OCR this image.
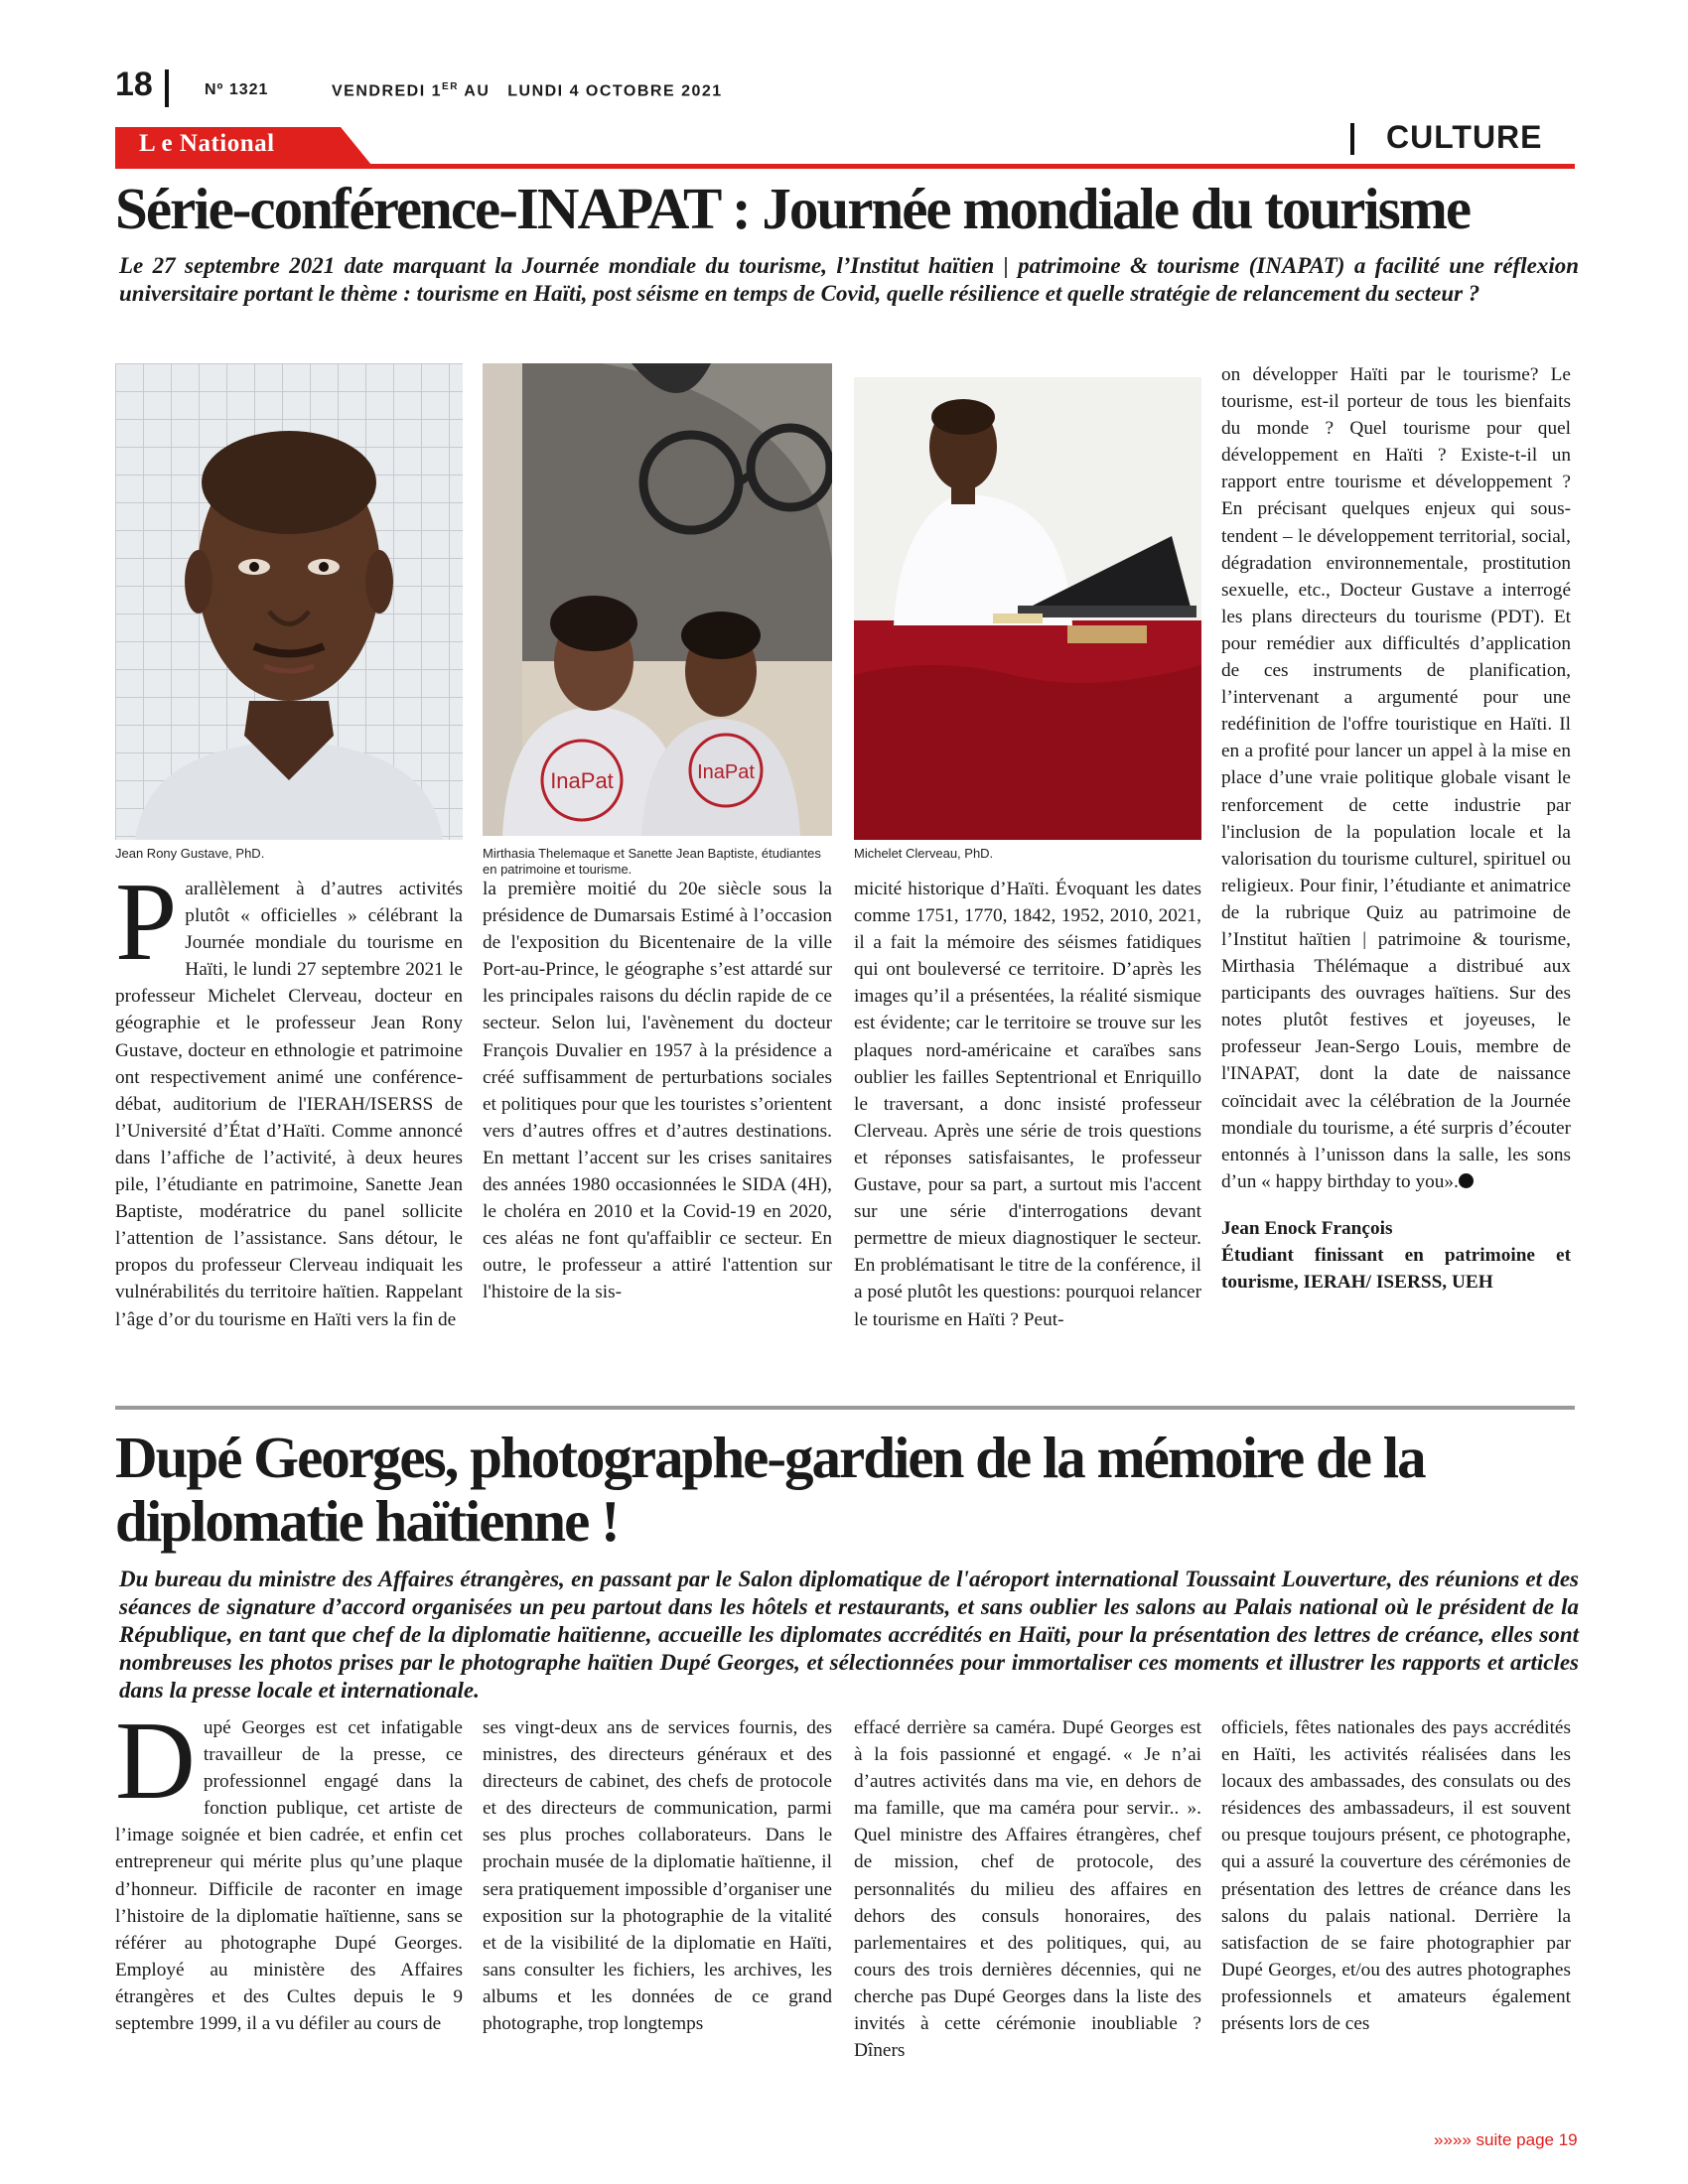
18	Nº 1321	VENDREDI 1ER AU   LUNDI 4 OCTOBRE 2021
L e National	CULTURE
Série-conférence-INAPAT : Journée mondiale du tourisme
Le 27 septembre 2021 date marquant la Journée mondiale du tourisme, l’Institut haïtien | patrimoine & tourisme (INAPAT) a facilité une réflexion universitaire portant le thème : tourisme en Haïti, post séisme en temps de Covid, quelle résilience et quelle stratégie de relancement du secteur ?
Jean Rony Gustave, PhD.
InaPat	InaPat
Mirthasia Thelemaque et Sanette Jean Baptiste, étudiantes en patrimoine et tourisme.
Michelet Clerveau, PhD.

Parallèlement à d’autres activités plutôt « officielles » célébrant la Journée mondiale du tourisme en Haïti, le lundi 27 septembre 2021 le professeur Michelet Clerveau, docteur en géographie et le professeur Jean Rony Gustave, docteur en ethnologie et patrimoine ont respectivement animé une conférence-débat, auditorium de l'IERAH/ISERSS de l’Université d’État d’Haïti. Comme annoncé dans l’affiche de l’activité, à deux heures pile, l’étudiante en patrimoine, Sanette Jean Baptiste, modératrice du panel sollicite l’attention de l’assistance. Sans détour, le propos du professeur Clerveau indiquait les vulnérabilités du territoire haïtien. Rappelant l’âge d’or du tourisme en Haïti vers la fin de

la première moitié du 20e siècle sous la présidence de Dumarsais Estimé à l’occasion de l'exposition du Bicentenaire de la ville Port-au-Prince, le géographe s’est attardé sur les principales raisons du déclin rapide de ce secteur. Selon lui, l'avènement du docteur François Duvalier en 1957 à la présidence a créé suffisamment de perturbations sociales et politiques pour que les touristes s’orientent vers d’autres offres et d’autres destinations. En mettant l’accent sur les crises sanitaires des années 1980 occasionnées le SIDA (4H), le choléra en 2010 et la Covid-19 en 2020, ces aléas ne font qu'affaiblir ce secteur. En outre, le professeur a attiré l'attention sur l'histoire de la sis-

micité historique d’Haïti. Évoquant les dates comme 1751, 1770, 1842, 1952, 2010, 2021, il a fait la mémoire des séismes fatidiques qui ont bouleversé ce territoire. D’après les images qu’il a présentées, la réalité sismique est évidente; car le territoire se trouve sur les plaques nord-américaine et caraïbes sans oublier les failles Septentrional et Enriquillo le traversant, a donc insisté professeur Clerveau. Après une série de trois questions et réponses satisfaisantes, le professeur Gustave, pour sa part, a surtout mis l'accent sur une série d'interrogations devant permettre de mieux diagnostiquer le secteur. En problématisant le titre de la conférence, il a posé plutôt les questions: pourquoi relancer le tourisme en Haïti ? Peut-

on développer Haïti par le tourisme? Le tourisme, est-il porteur de tous les bienfaits du monde ? Quel tourisme pour quel développement en Haïti ? Existe-t-il un rapport entre tourisme et développement ? En précisant quelques enjeux qui sous-tendent – le développement territorial, social, dégradation environnementale, prostitution sexuelle, etc., Docteur Gustave a interrogé les plans directeurs du tourisme (PDT). Et pour remédier aux difficultés d’application de ces instruments de planification, l’intervenant a argumenté pour une redéfinition de l'offre touristique en Haïti. Il en a profité pour lancer un appel à la mise en place d’une vraie politique globale visant le renforcement de cette industrie par l'inclusion de la population locale et la valorisation du tourisme culturel, spirituel ou religieux. Pour finir, l’étudiante et animatrice de la rubrique Quiz au patrimoine de l’Institut haïtien | patrimoine & tourisme, Mirthasia Thélémaque a distribué aux participants des ouvrages haïtiens. Sur des notes plutôt festives et joyeuses, le professeur Jean-Sergo Louis, membre de l'INAPAT, dont la date de naissance coïncidait avec la célébration de la Journée mondiale du tourisme, a été surpris d’écouter entonnés à l’unisson dans la salle, les sons d’un « happy birthday to you».

Jean Enock François

Étudiant finissant en patrimoine et tourisme, IERAH/ ISERSS, UEH

Dupé Georges, photographe-gardien de la mémoire de la diplomatie haïtienne !
Du bureau du ministre des Affaires étrangères, en passant par le Salon diplomatique de l'aéroport international Toussaint Louverture, des réunions et des séances de signature d’accord organisées un peu partout dans les hôtels et restaurants, et sans oublier les salons au Palais national où le président de la République, en tant que chef de la diplomatie haïtienne, accueille les diplomates accrédités en Haïti, pour la présentation des lettres de créance, elles sont nombreuses les photos prises par le photographe haïtien Dupé Georges, et sélectionnées pour immortaliser ces moments et illustrer les rapports et articles dans la presse locale et internationale.

Dupé Georges est cet infatigable travailleur de la presse, ce professionnel engagé dans la fonction publique, cet artiste de l’image soignée et bien cadrée, et enfin cet entrepreneur qui mérite plus qu’une plaque d’honneur. Difficile de raconter en image l’histoire de la diplomatie haïtienne, sans se référer au photographe Dupé Georges. Employé au ministère des Affaires étrangères et des Cultes depuis le 9 septembre 1999, il a vu défiler au cours de

ses vingt-deux ans de services fournis, des ministres, des directeurs généraux et des directeurs de cabinet, des chefs de protocole et des directeurs de communication, parmi ses plus proches collaborateurs. Dans le prochain musée de la diplomatie haïtienne, il sera pratiquement impossible d’organiser une exposition sur la photographie de la vitalité et de la visibilité de la diplomatie en Haïti, sans consulter les fichiers, les archives, les albums et les données de ce grand photographe, trop longtemps

effacé derrière sa caméra. Dupé Georges est à la fois passionné et engagé. « Je n’ai d’autres activités dans ma vie, en dehors de ma famille, que ma caméra pour servir.. ». Quel ministre des Affaires étrangères, chef de mission, chef de protocole, des personnalités du milieu des affaires en dehors des consuls honoraires, des parlementaires et des politiques, qui, au cours des trois dernières décennies, qui ne cherche pas Dupé Georges dans la liste des invités à cette cérémonie inoubliable ? Dîners

officiels, fêtes nationales des pays accrédités en Haïti, les activités réalisées dans les locaux des ambassades, des consulats ou des résidences des ambassadeurs, il est souvent ou presque toujours présent, ce photographe, qui a assuré la couverture des cérémonies de présentation des lettres de créance dans les salons du palais national. Derrière la satisfaction de se faire photographier par Dupé Georges, et/ou des autres photographes professionnels et amateurs également présents lors de ces

»»»» suite page 19
